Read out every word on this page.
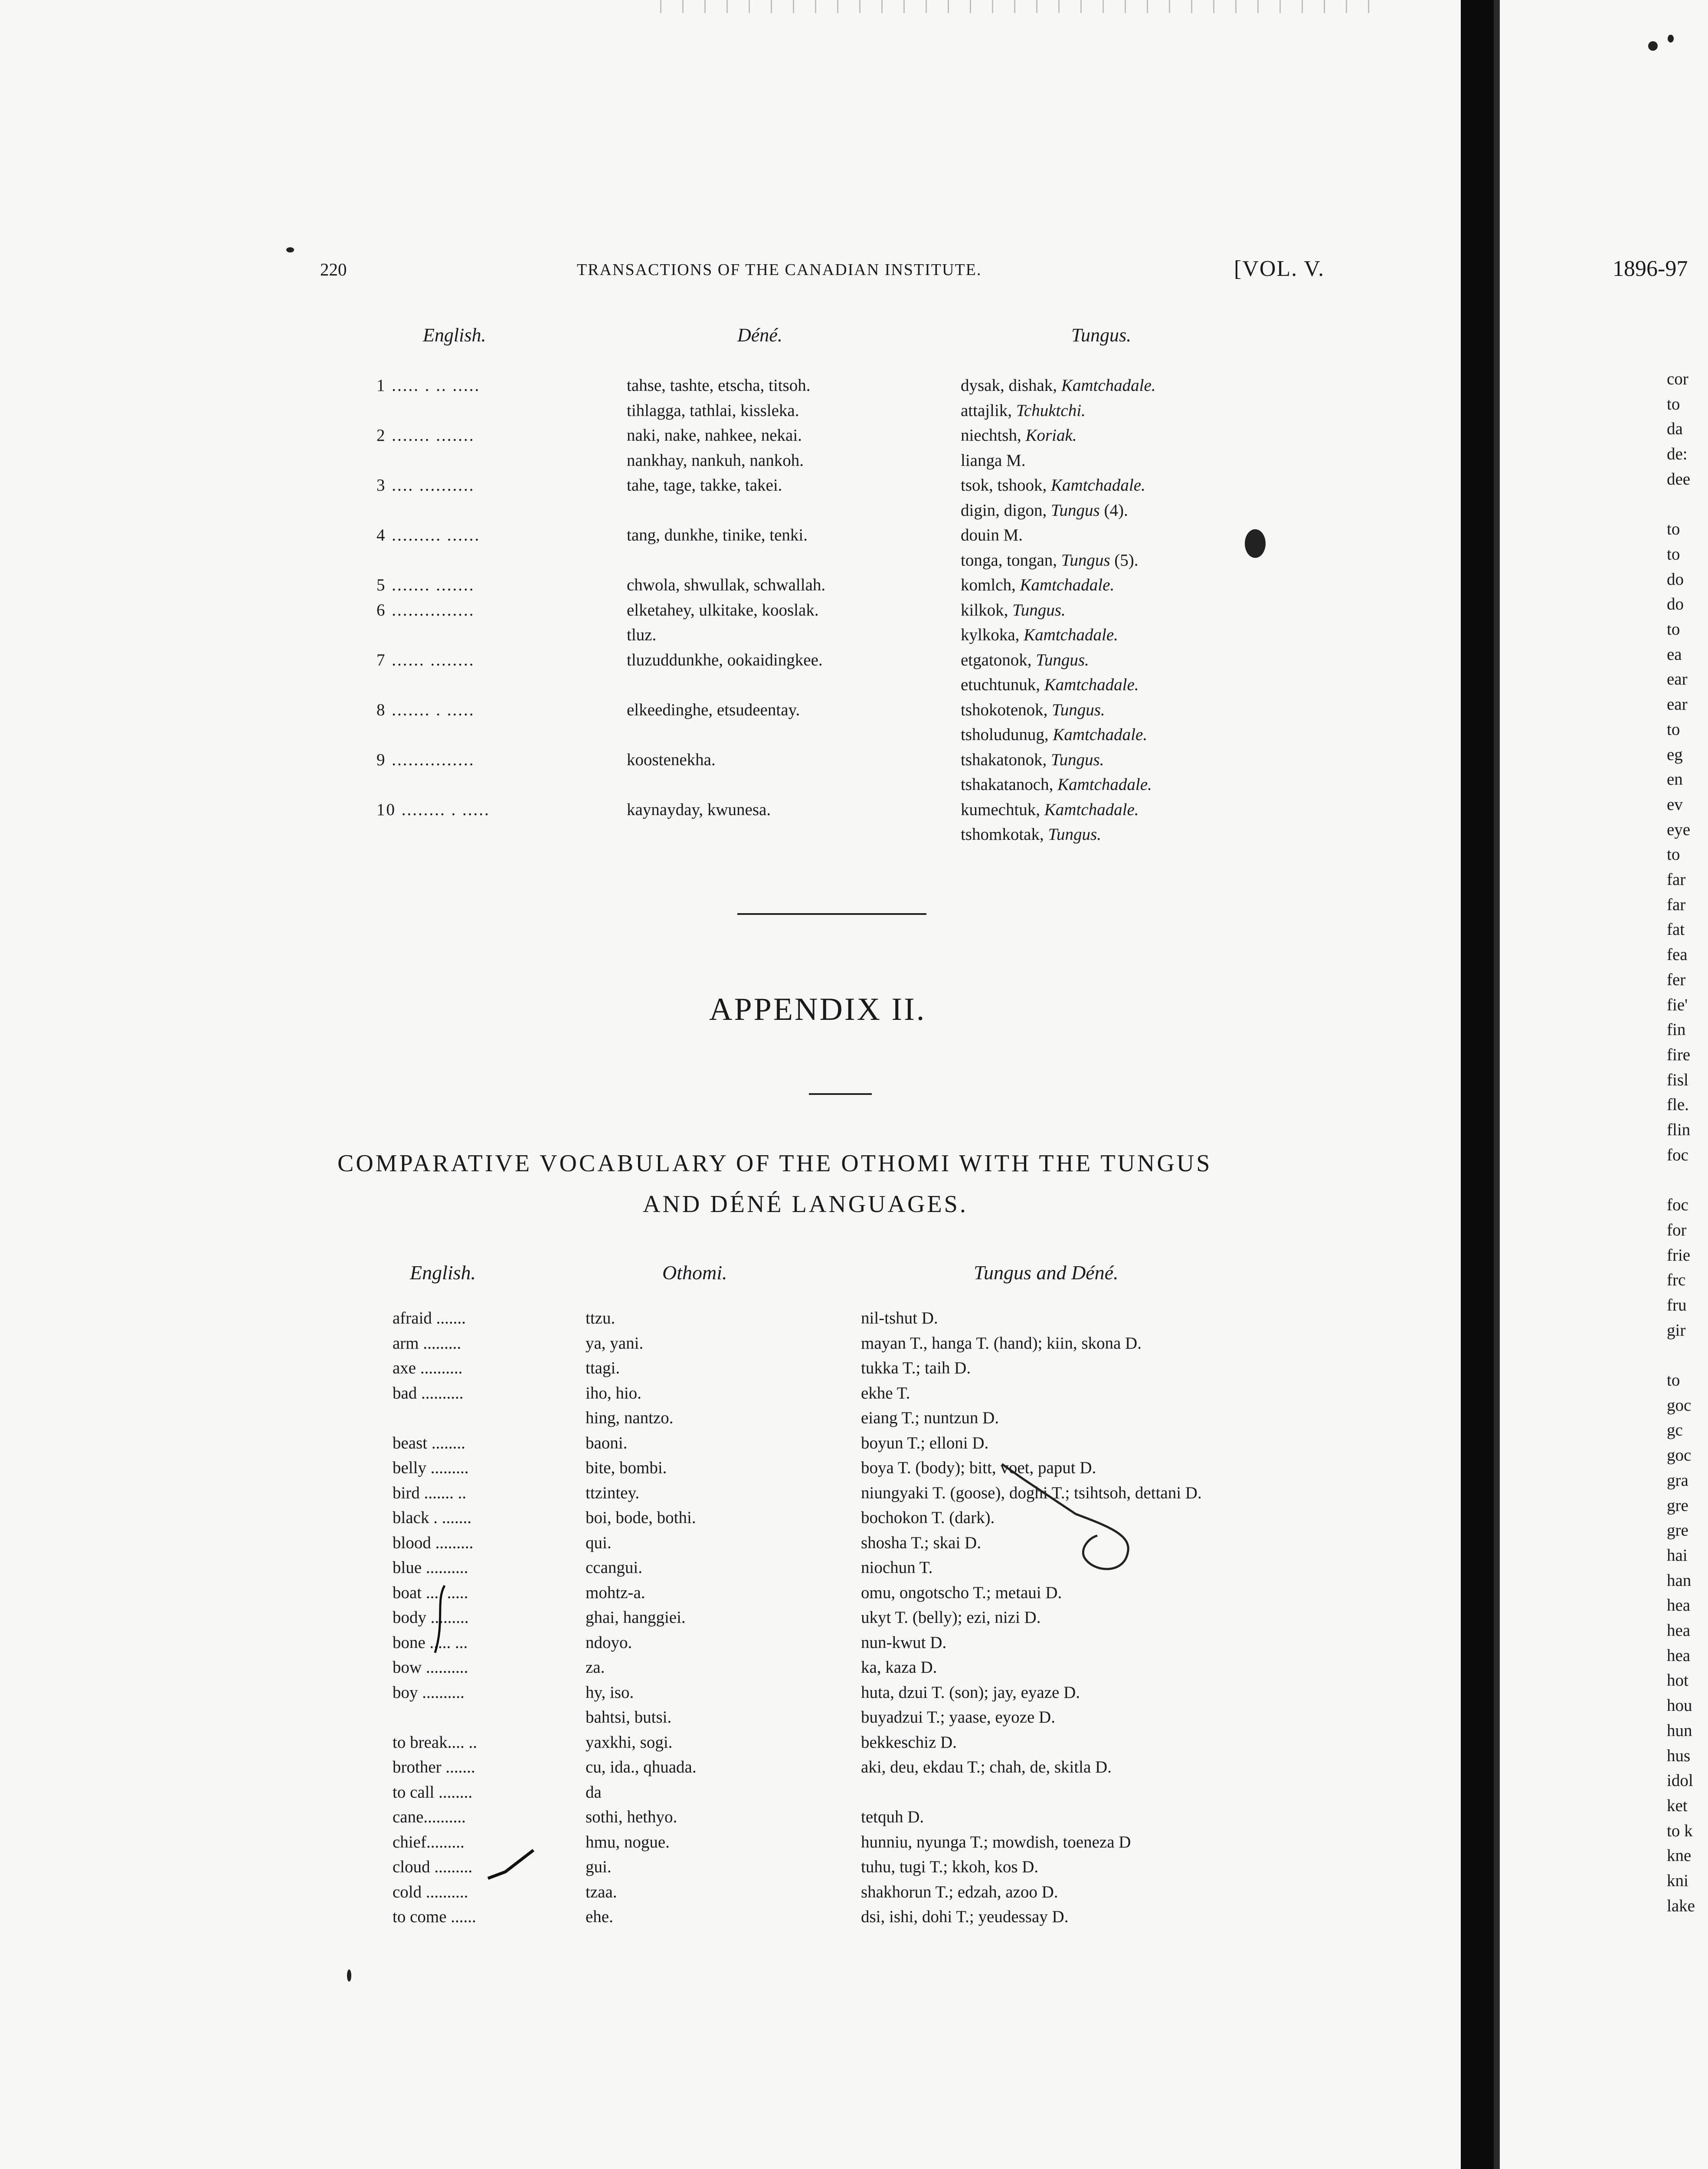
220	TRANSACTIONS OF THE CANADIAN INSTITUTE.	[VOL. V.	1896-97
English.	Déné.	Tungus.
1 ..... . .. .....	tahse, tashte, etscha, titsoh.	dysak, dishak, Kamtchadale.
tihlagga, tathlai, kissleka.	attajlik, Tchuktchi.
2 ....... .......	naki, nake, nahkee, nekai.	niechtsh, Koriak.
nankhay, nankuh, nankoh.	lianga M.
3 .... ..........	tahe, tage, takke, takei.	tsok, tshook, Kamtchadale.
digin, digon, Tungus (4).
4 ......... ......	tang, dunkhe, tinike, tenki.	douin M.
tonga, tongan, Tungus (5).
5 ....... .......	chwola, shwullak, schwallah.	komlch, Kamtchadale.
6 ...............	elketahey, ulkitake, kooslak.	kilkok, Tungus.
tluz.	kylkoka, Kamtchadale.
7 ...... ........	tluzuddunkhe, ookaidingkee.	etgatonok, Tungus.
etuchtunuk, Kamtchadale.
8 ....... . .....	elkeedinghe, etsudeentay.	tshokotenok, Tungus.
tsholudunug, Kamtchadale.
9 ...............	koostenekha.	tshakatonok, Tungus.
tshakatanoch, Kamtchadale.
10 ........ . .....	kaynayday, kwunesa.	kumechtuk, Kamtchadale.
tshomkotak, Tungus.
APPENDIX II.
COMPARATIVE VOCABULARY OF THE OTHOMI WITH THE TUNGUS
AND DÉNÉ LANGUAGES.
English.	Othomi.	Tungus and Déné.
afraid .......	ttzu.	nil-tshut D.
arm .........	ya, yani.	mayan T., hanga T. (hand); kiin, skona D.
axe ..........	ttagi.	tukka T.; taih D.
bad ..........	iho, hio.	ekhe T.
hing, nantzo.	eiang T.; nuntzun D.
beast ........	baoni.	boyun T.; elloni D.
belly .........	bite, bombi.	boya T. (body); bitt, voet, paput D.
bird ....... ..	ttzintey.	niungyaki T. (goose), doghi T.; tsihtsoh, dettani D.
black . .......	boi, bode, bothi.	bochokon T. (dark).
blood .........	qui.	shosha T.; skai D.
blue ..........	ccangui.	niochun T.
boat .... .....	mohtz-a.	omu, ongotscho T.; metaui D.
body .........	ghai, hanggiei.	ukyt T. (belly); ezi, nizi D.
bone ..... ...	ndoyo.	nun-kwut D.
bow ..........	za.	ka, kaza D.
boy ..........	hy, iso.	huta, dzui T. (son); jay, eyaze D.
bahtsi, butsi.	buyadzui T.; yaase, eyoze D.
to break.... ..	yaxkhi, sogi.	bekkeschiz D.
brother .......	cu, ida., qhuada.	aki, deu, ekdau T.; chah, de, skitla D.
to call ........	da
cane..........	sothi, hethyo.	tetquh D.
chief.........	hmu, nogue.	hunniu, nyunga T.; mowdish, toeneza D
cloud .........	gui.	tuhu, tugi T.; kkoh, kos D.
cold ..........	tzaa.	shakhorun T.; edzah, azoo D.
to come ......	ehe.	dsi, ishi, dohi T.; yeudessay D.
cor
to
da
de:
dee
to
to
do
do
to
ea
ear
ear
to
eg
en
ev
eye
to
far
far
fat
fea
fer
fie'
fin
fire
fisl
fle.
flin
foc
foc
for
frie
frc
fru
gir
to
goc
gc
goc
gra
gre
gre
hai
han
hea
hea
hea
hot
hou
hun
hus
idol
ket
to k
kne
kni
lake
